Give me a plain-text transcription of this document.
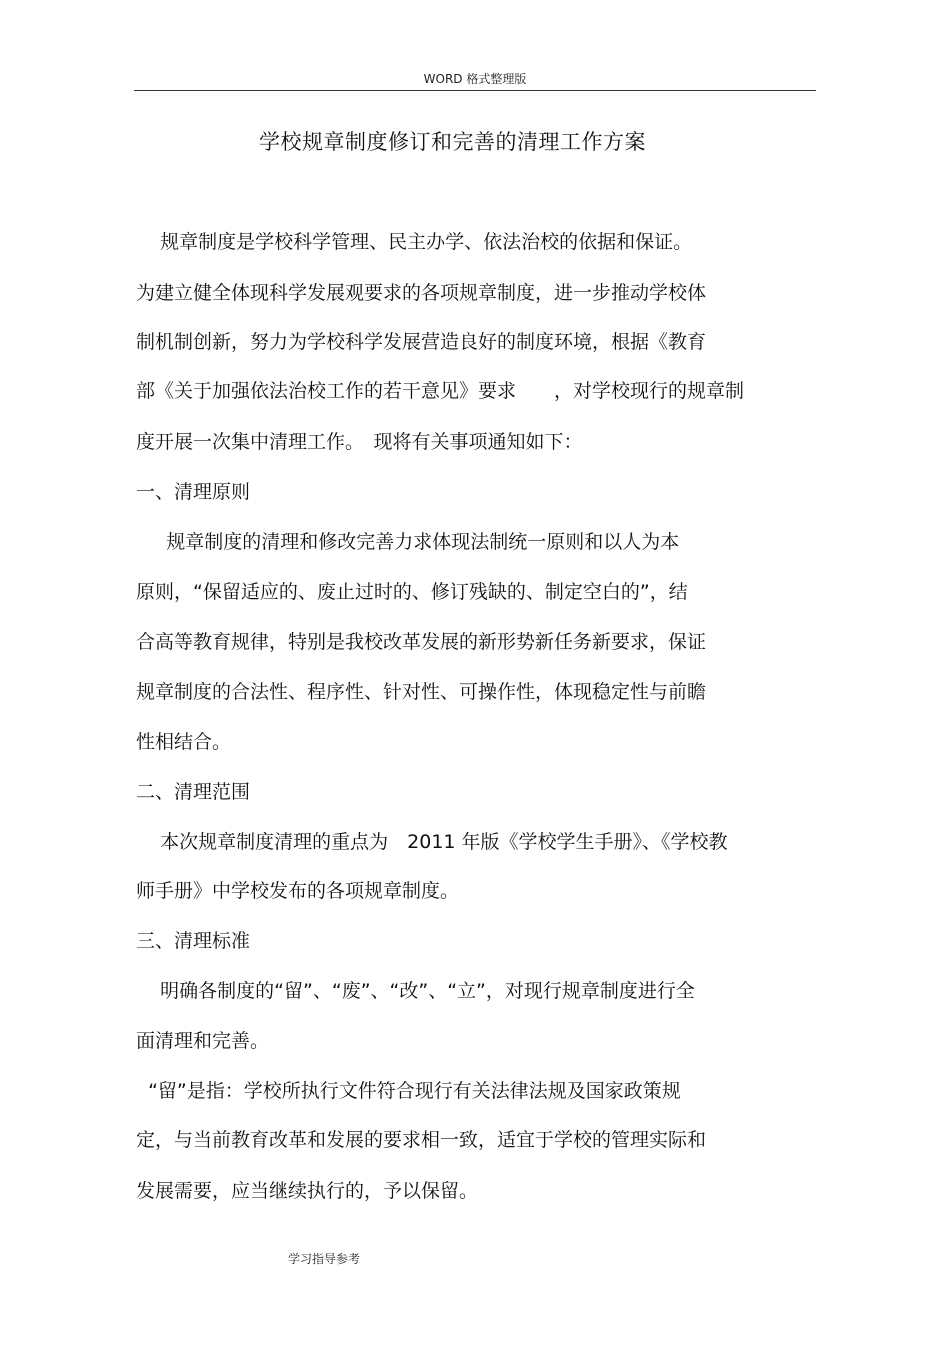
WORD 格式整理版
学校规章制度修订和完善的清理工作方案
规章制度是学校科学管理、民主办学、依法治校的依据和保证。
为建立健全体现科学发展观要求的各项规章制度，进一步推动学校体
制机制创新，努力为学校科学发展营造良好的制度环境，根据《教育
部《关于加强依法治校工作的若干意见》要求　　，对学校现行的规章制
度开展一次集中清理工作。　现将有关事项通知如下：
一、清理原则
规章制度的清理和修改完善力求体现法制统一原则和以人为本
原则，“保留适应的、废止过时的、修订残缺的、制定空白的”，结
合高等教育规律，特别是我校改革发展的新形势新任务新要求，保证
规章制度的合法性、程序性、针对性、可操作性，体现稳定性与前瞻
性相结合。
二、清理范围
本次规章制度清理的重点为　2011 年版《学校学生手册》、《学校教
师手册》中学校发布的各项规章制度。
三、清理标准
明确各制度的“留”、“废”、“改”、“立”，对现行规章制度进行全
面清理和完善。
“留”是指：学校所执行文件符合现行有关法律法规及国家政策规
定，与当前教育改革和发展的要求相一致，适宜于学校的管理实际和
发展需要，应当继续执行的，予以保留。
学习指导参考
